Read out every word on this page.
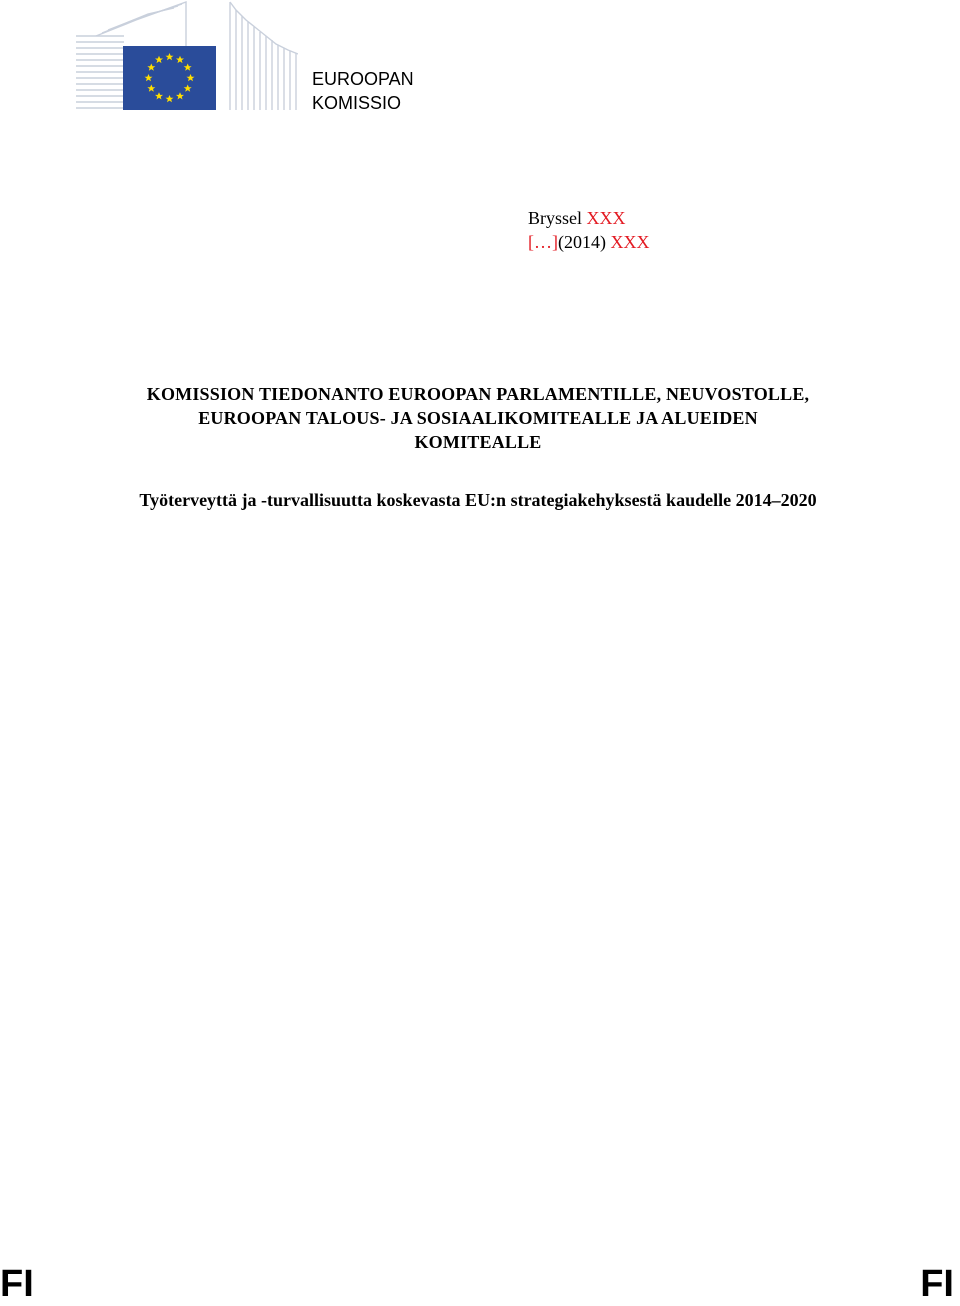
EUROOPAN
KOMISSIO
Bryssel XXX
[…](2014) XXX
KOMISSION TIEDONANTO EUROOPAN PARLAMENTILLE, NEUVOSTOLLE,
EUROOPAN TALOUS- JA SOSIAALIKOMITEALLE JA ALUEIDEN
KOMITEALLE
Työterveyttä ja -turvallisuutta koskevasta EU:n strategiakehyksestä kaudelle 2014–2020
FI	FI
